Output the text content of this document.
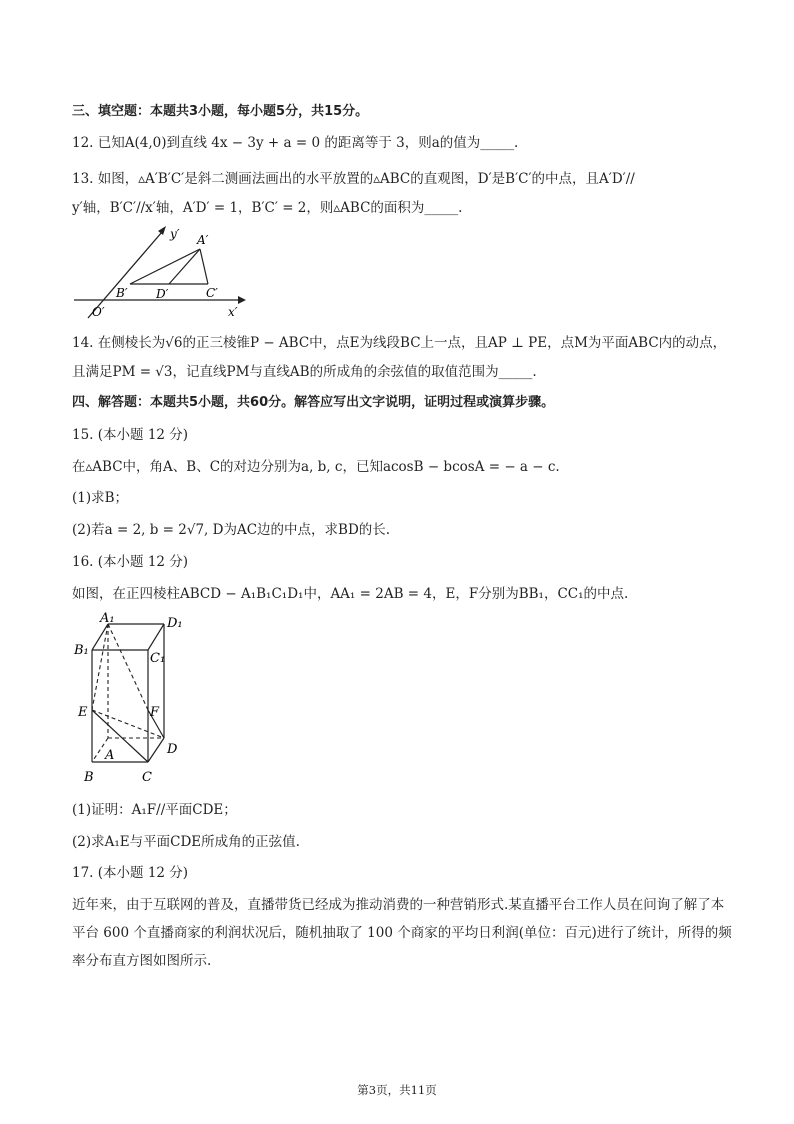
三、填空题：本题共3小题，每小题5分，共15分。
12. 已知A(4,0)到直线 4x − 3y + a = 0 的距离等于 3，则a的值为_____.
13. 如图，▵A′B′C′是斜二测画法画出的水平放置的▵ABC的直观图，D′是B′C′的中点，且A′D′//
y′轴，B′C′//x′轴，A′D′ = 1，B′C′ = 2，则▵ABC的面积为_____.
y′ A′
B′ D′	C′
O′	x′
14. 在侧棱长为√6的正三棱锥P − ABC中，点E为线段BC上一点，且AP ⊥ PE，点M为平面ABC内的动点，
且满足PM = √3，记直线PM与直线AB的所成角的余弦值的取值范围为_____.
四、解答题：本题共5小题，共60分。解答应写出文字说明，证明过程或演算步骤。
15. (本小题 12 分)
在▵ABC中，角A、B、C的对边分别为a, b, c，已知acosB − bcosA = − a − c.
(1)求B；
(2)若a = 2, b = 2√7, D为AC边的中点，求BD的长.
16. (本小题 12 分)
如图，在正四棱柱ABCD − A₁B₁C₁D₁中，AA₁ = 2AB = 4，E，F分别为BB₁，CC₁的中点.
A₁	D₁
B₁
C₁
E	F
D
A
B	C
(1)证明：A₁F//平面CDE；
(2)求A₁E与平面CDE所成角的正弦值.
17. (本小题 12 分)
近年来，由于互联网的普及，直播带货已经成为推动消费的一种营销形式.某直播平台工作人员在问询了解了本平台 600 个直播商家的利润状况后，随机抽取了 100 个商家的平均日利润(单位：百元)进行了统计，所得的频率分布直方图如图所示.
第3页，共11页
